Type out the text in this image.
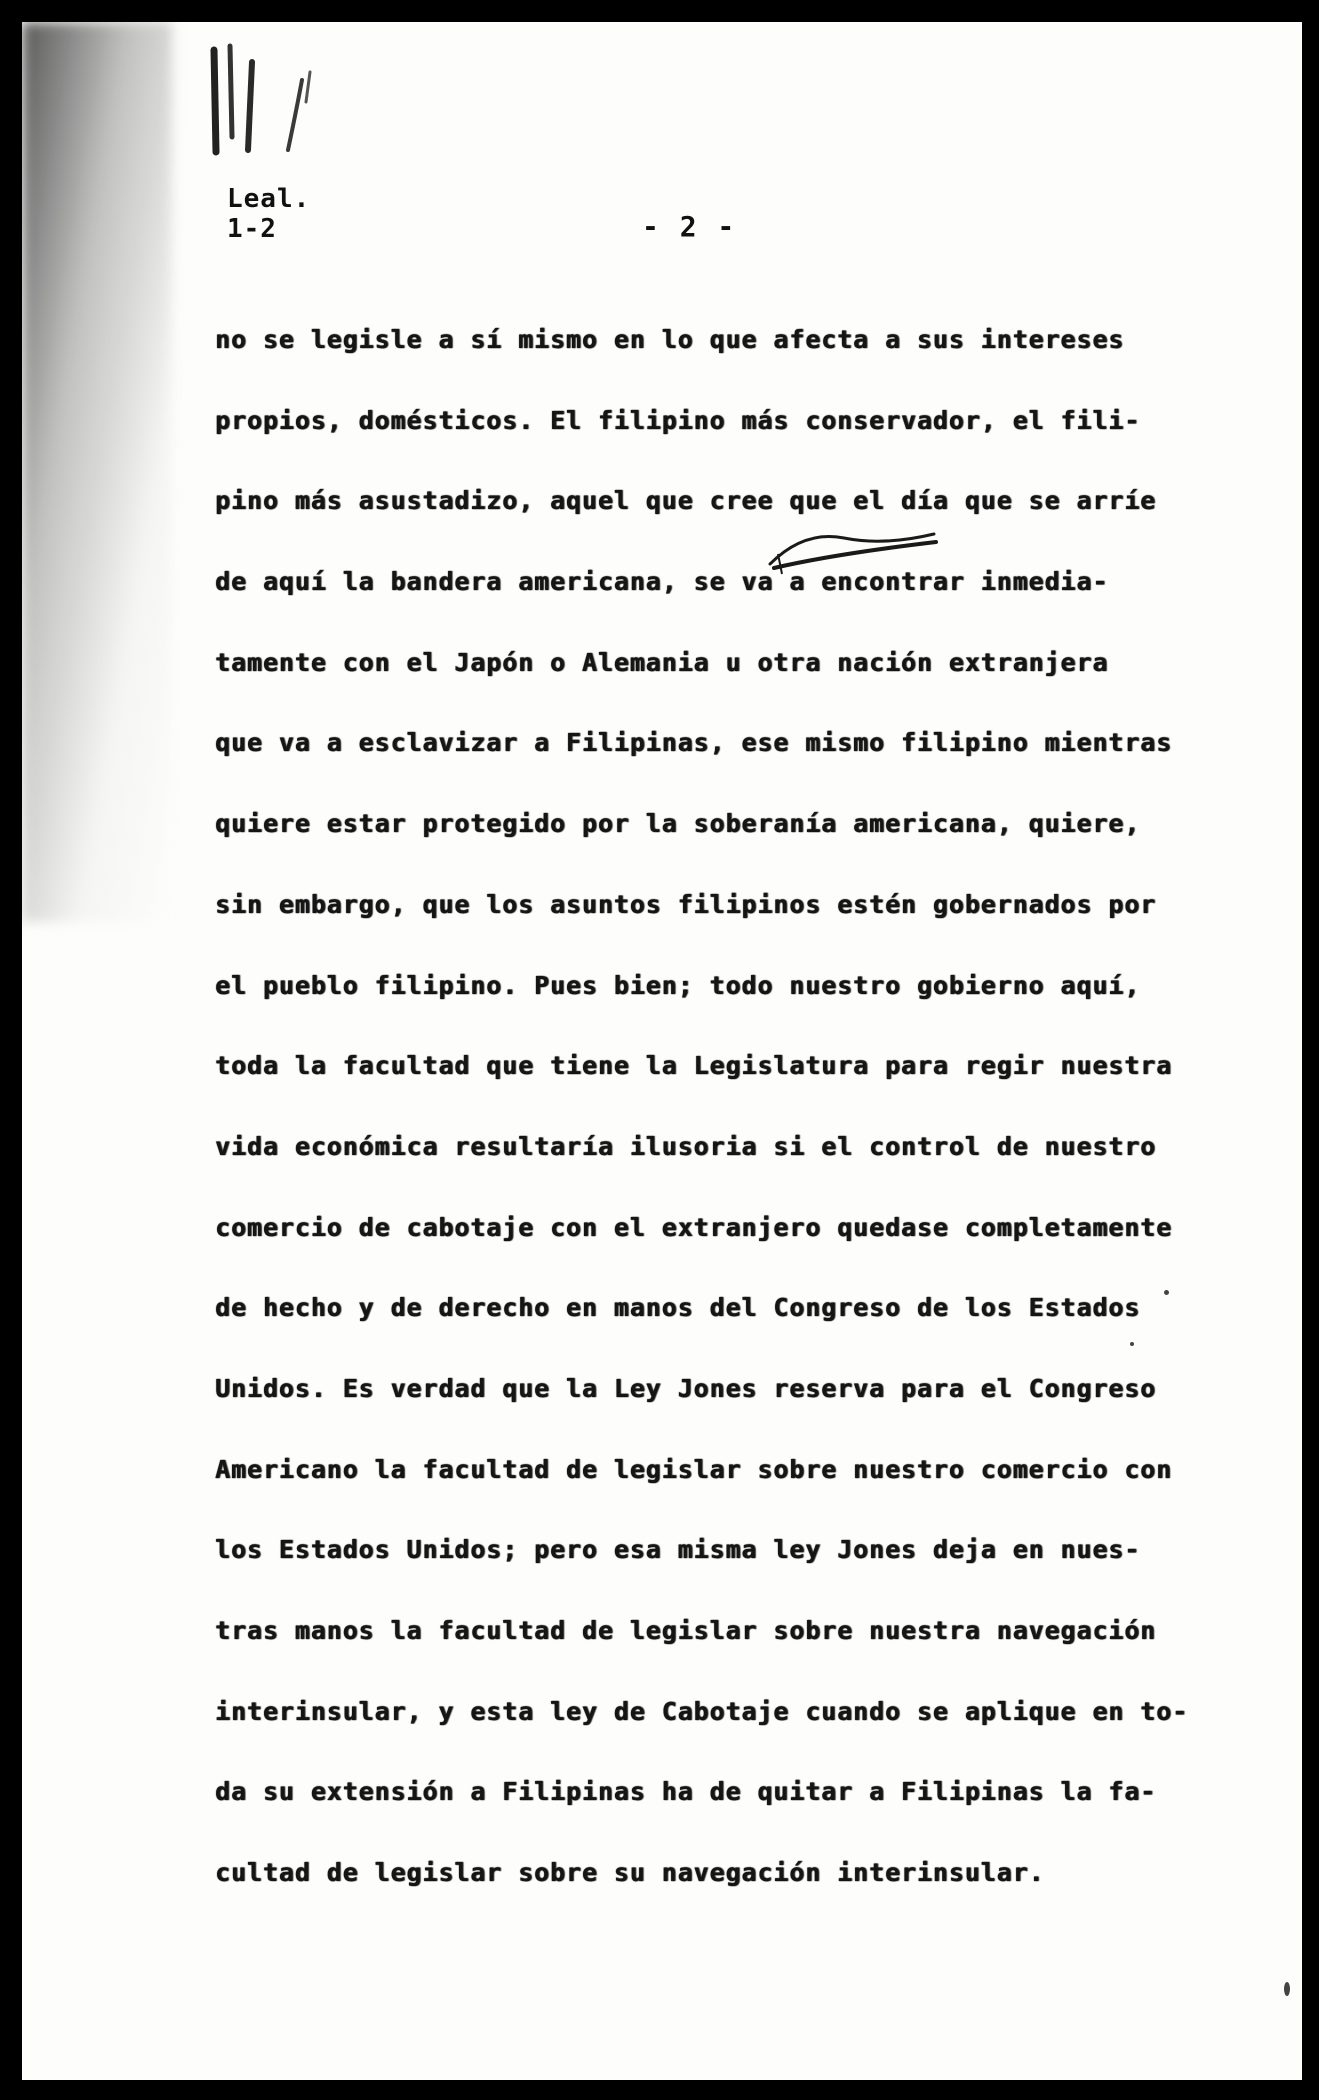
Leal.
1-2	- 2 -
no se legisle a sí mismo en lo que afecta a sus intereses
propios, domésticos. El filipino más conservador, el fili-
pino más asustadizo, aquel que cree que el día que se arríe
de aquí la bandera americana, se va a encontrar inmedia-
tamente con el Japón o Alemania u otra nación extranjera
que va a esclavizar a Filipinas, ese mismo filipino mientras
quiere estar protegido por la soberanía americana, quiere,
sin embargo, que los asuntos filipinos estén gobernados por
el pueblo filipino. Pues bien; todo nuestro gobierno aquí,
toda la facultad que tiene la Legislatura para regir nuestra
vida económica resultaría ilusoria si el control de nuestro
comercio de cabotaje con el extranjero quedase completamente
de hecho y de derecho en manos del Congreso de los Estados
Unidos. Es verdad que la Ley Jones reserva para el Congreso
Americano la facultad de legislar sobre nuestro comercio con
los Estados Unidos; pero esa misma ley Jones deja en nues-
tras manos la facultad de legislar sobre nuestra navegación
interinsular, y esta ley de Cabotaje cuando se aplique en to-
da su extensión a Filipinas ha de quitar a Filipinas la fa-
cultad de legislar sobre su navegación interinsular.
